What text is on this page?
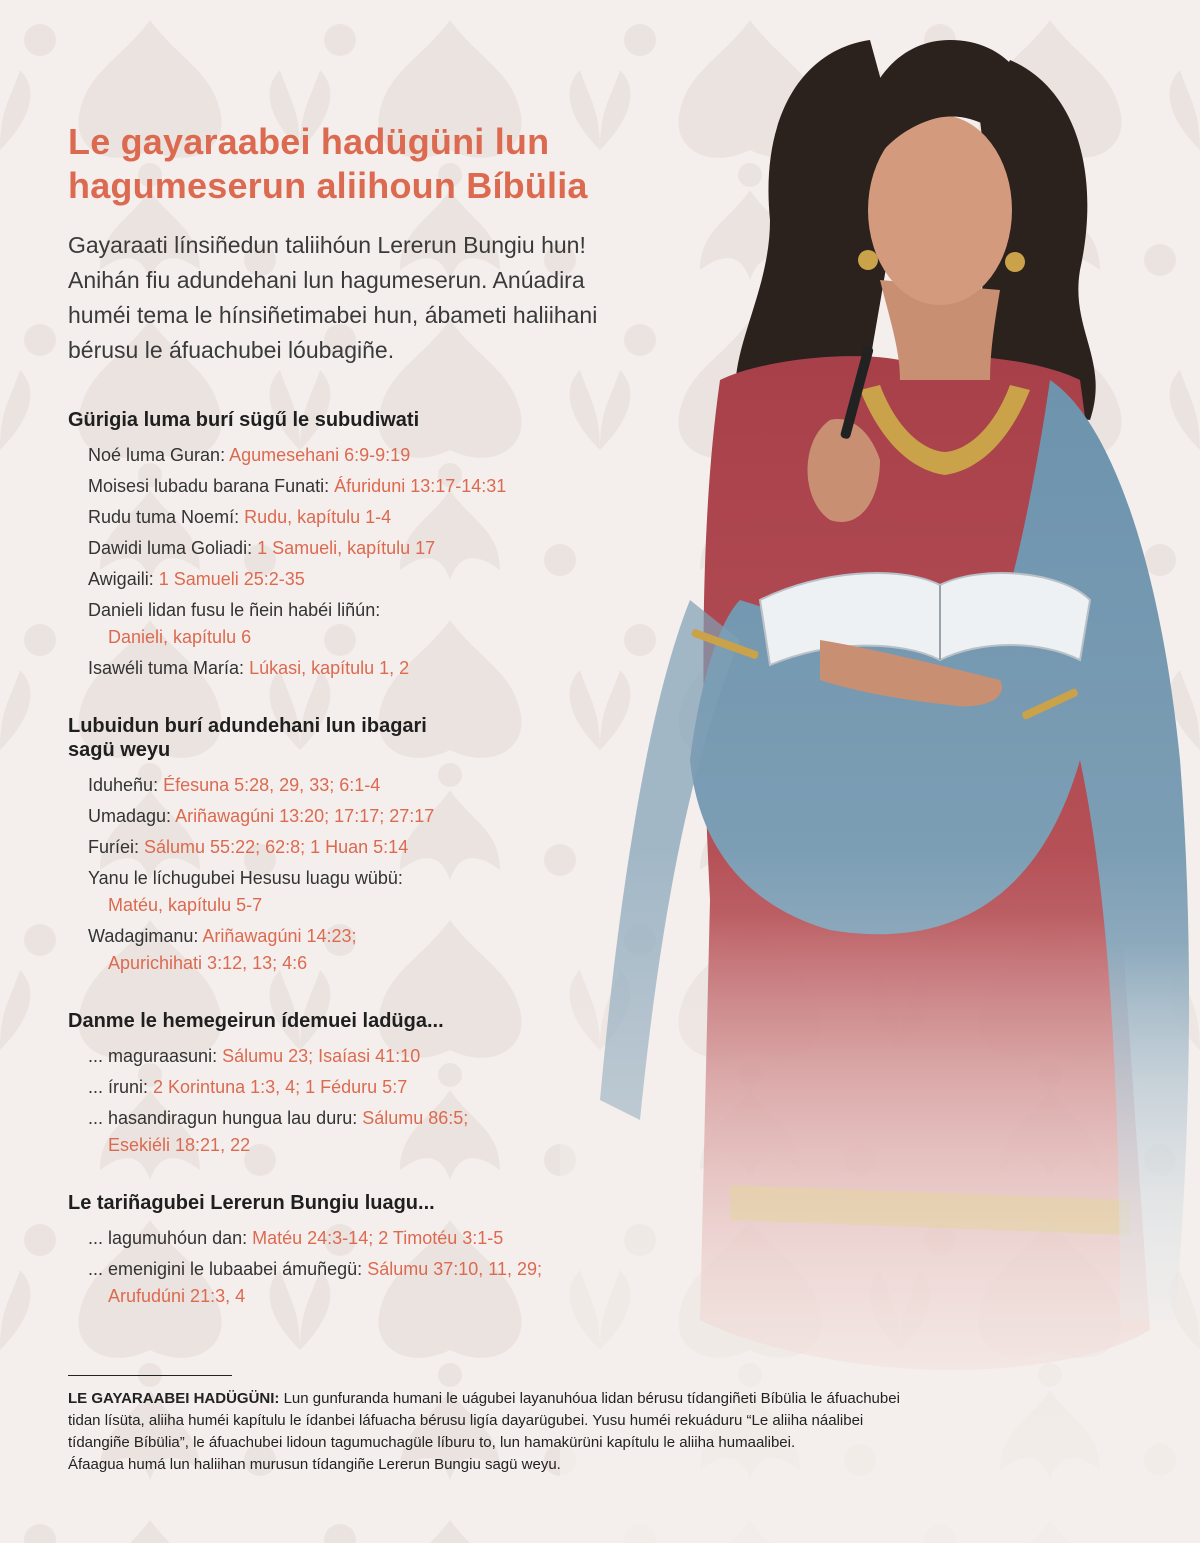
Le gayaraabei hadügüni lun
hagumeserun aliihoun Bíbülia
Gayaraati línsiñedun taliihóun Lererun Bungiu hun!
Anihán fiu adundehani lun hagumeserun. Anúadira
huméi tema le hínsiñetimabei hun, ábameti haliihani
bérusu le áfuachubei lóubagiñe.
Gürigia luma burí sügű le subudiwati
Noé luma Guran: Agumesehani 6:9-9:19
Moisesi lubadu barana Funati: Áfuriduni 13:17-14:31
Rudu tuma Noemí: Rudu, kapítulu 1-4
Dawidi luma Goliadi: 1 Samueli, kapítulu 17
Awigaili: 1 Samueli 25:2-35
Danieli lidan fusu le ñein habéi liñún:
Danieli, kapítulu 6
Isawéli tuma María: Lúkasi, kapítulu 1, 2
Lubuidun burí adundehani lun ibagari
sagü weyu
Iduheñu: Éfesuna 5:28, 29, 33; 6:1-4
Umadagu: Ariñawagúni 13:20; 17:17; 27:17
Furíei: Sálumu 55:22; 62:8; 1 Huan 5:14
Yanu le líchugubei Hesusu luagu wübü:
Matéu, kapítulu 5-7
Wadagimanu: Ariñawagúni 14:23;
Apurichihati 3:12, 13; 4:6
Danme le hemegeirun ídemuei ladüga...
... maguraasuni: Sálumu 23; Isaíasi 41:10
... íruni: 2 Korintuna 1:3, 4; 1 Féduru 5:7
... hasandiragun hungua lau duru: Sálumu 86:5;
Esekiéli 18:21, 22
Le tariñagubei Lererun Bungiu luagu...
... lagumuhóun dan: Matéu 24:3-14; 2 Timotéu 3:1-5
... emenigini le lubaabei ámuñegü: Sálumu 37:10, 11, 29;
Arufudúni 21:3, 4
LE GAYARAABEI HADÜGÜNI: Lun gunfuranda humani le uágubei layanuhóua lidan bérusu tídangiñeti Bíbülia le áfuachubei
tidan lísüta, aliiha huméi kapítulu le ídanbei láfuacha bérusu ligía dayarügubei. Yusu huméi rekuáduru “Le aliiha náalibei
tídangiñe Bíbülia”, le áfuachubei lidoun tagumuchagüle líburu to, lun hamakürüni kapítulu le aliiha humaalibei.
Áfaagua humá lun haliihan murusun tídangiñe Lererun Bungiu sagü weyu.
